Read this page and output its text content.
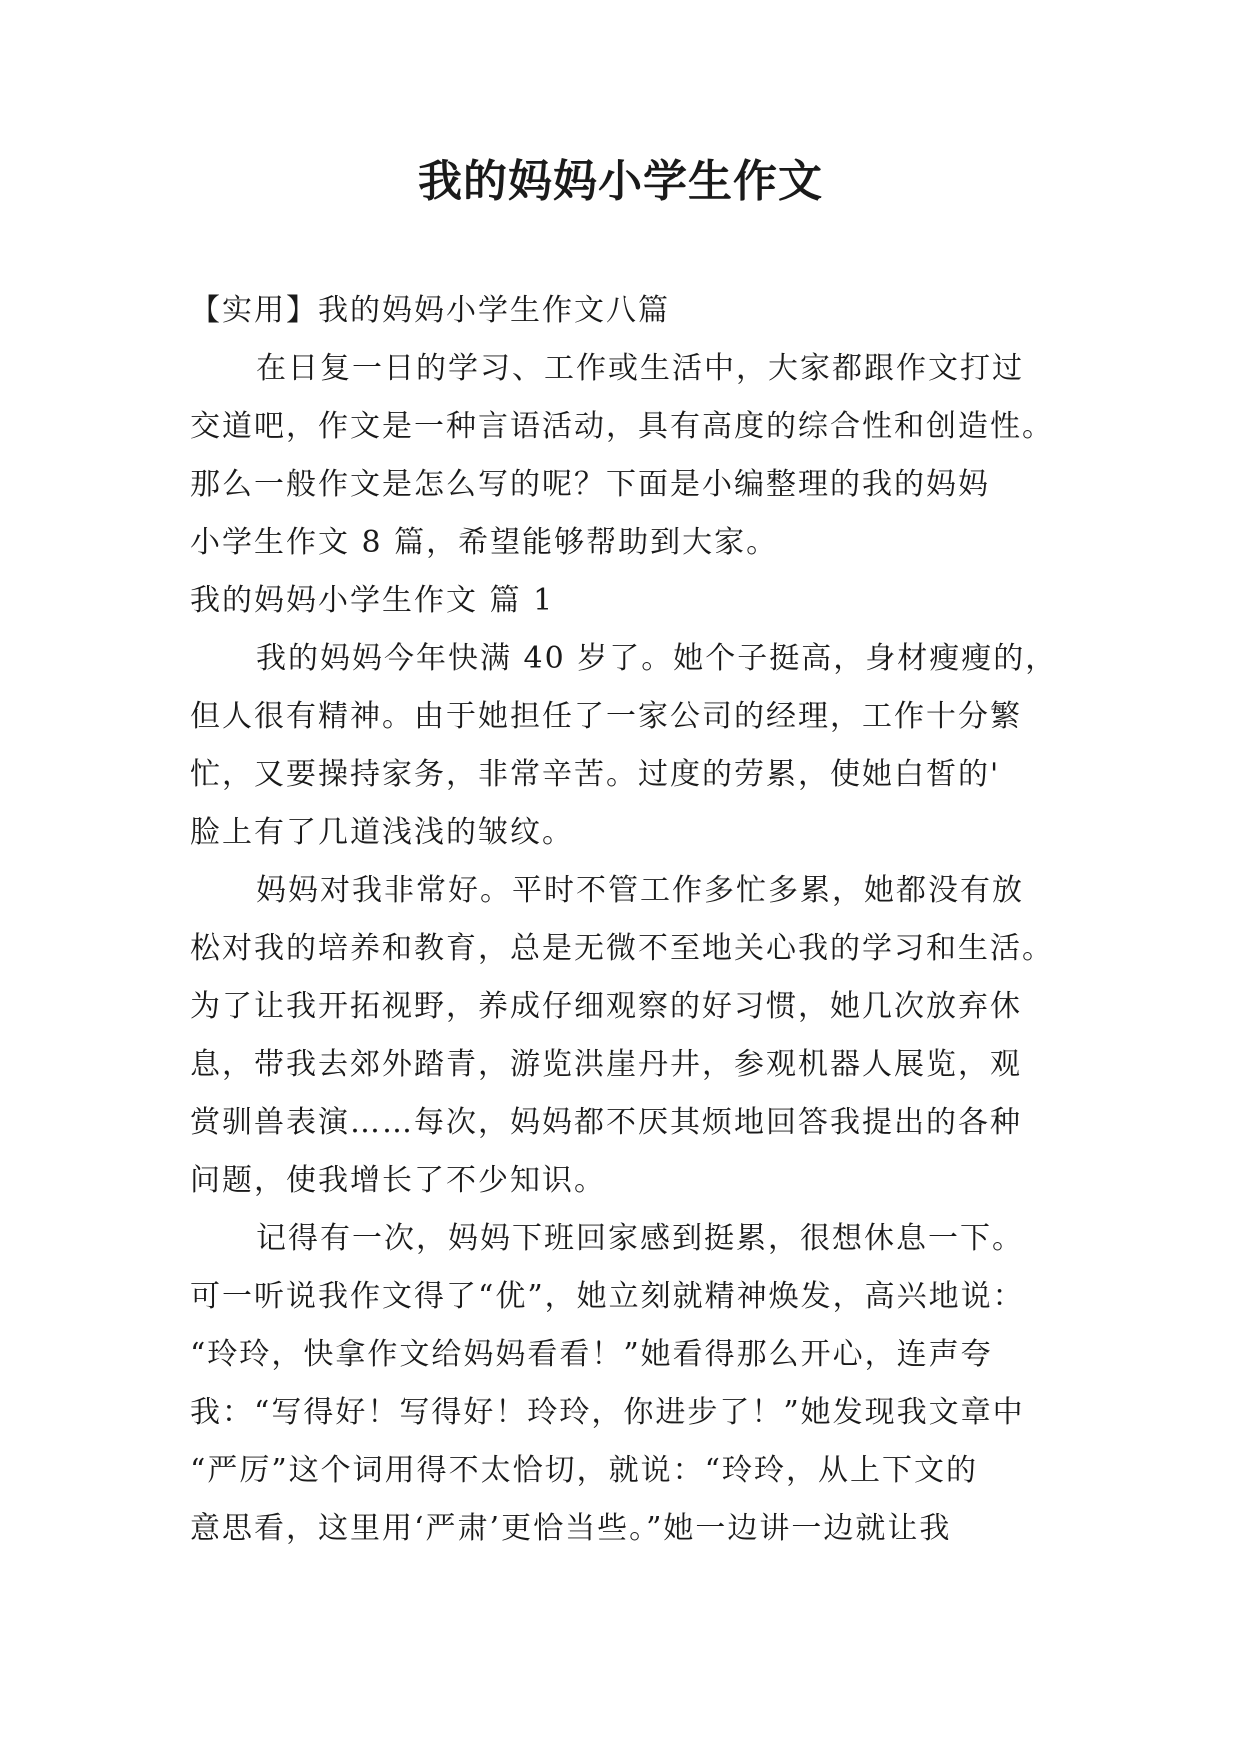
我的妈妈小学生作文

【实用】我的妈妈小学生作文八篇

在日复一日的学习、工作或生活中，大家都跟作文打过
交道吧，作文是一种言语活动，具有高度的综合性和创造性。
那么一般作文是怎么写的呢？下面是小编整理的我的妈妈
小学生作文 8 篇，希望能够帮助到大家。

我的妈妈小学生作文 篇 1

我的妈妈今年快满 40 岁了。她个子挺高，身材瘦瘦的，
但人很有精神。由于她担任了一家公司的经理，工作十分繁
忙，又要操持家务，非常辛苦。过度的劳累，使她白皙的'
脸上有了几道浅浅的皱纹。
妈妈对我非常好。平时不管工作多忙多累，她都没有放
松对我的培养和教育，总是无微不至地关心我的学习和生活。
为了让我开拓视野，养成仔细观察的好习惯，她几次放弃休
息，带我去郊外踏青，游览洪崖丹井，参观机器人展览，观
赏驯兽表演……每次，妈妈都不厌其烦地回答我提出的各种
问题，使我增长了不少知识。
记得有一次，妈妈下班回家感到挺累，很想休息一下。
可一听说我作文得了“优”，她立刻就精神焕发，高兴地说：
“玲玲，快拿作文给妈妈看看！”她看得那么开心，连声夸
我：“写得好！写得好！玲玲，你进步了！”她发现我文章中
“严厉”这个词用得不太恰切，就说：“玲玲，从上下文的
意思看，这里用‘严肃’更恰当些。”她一边讲一边就让我
